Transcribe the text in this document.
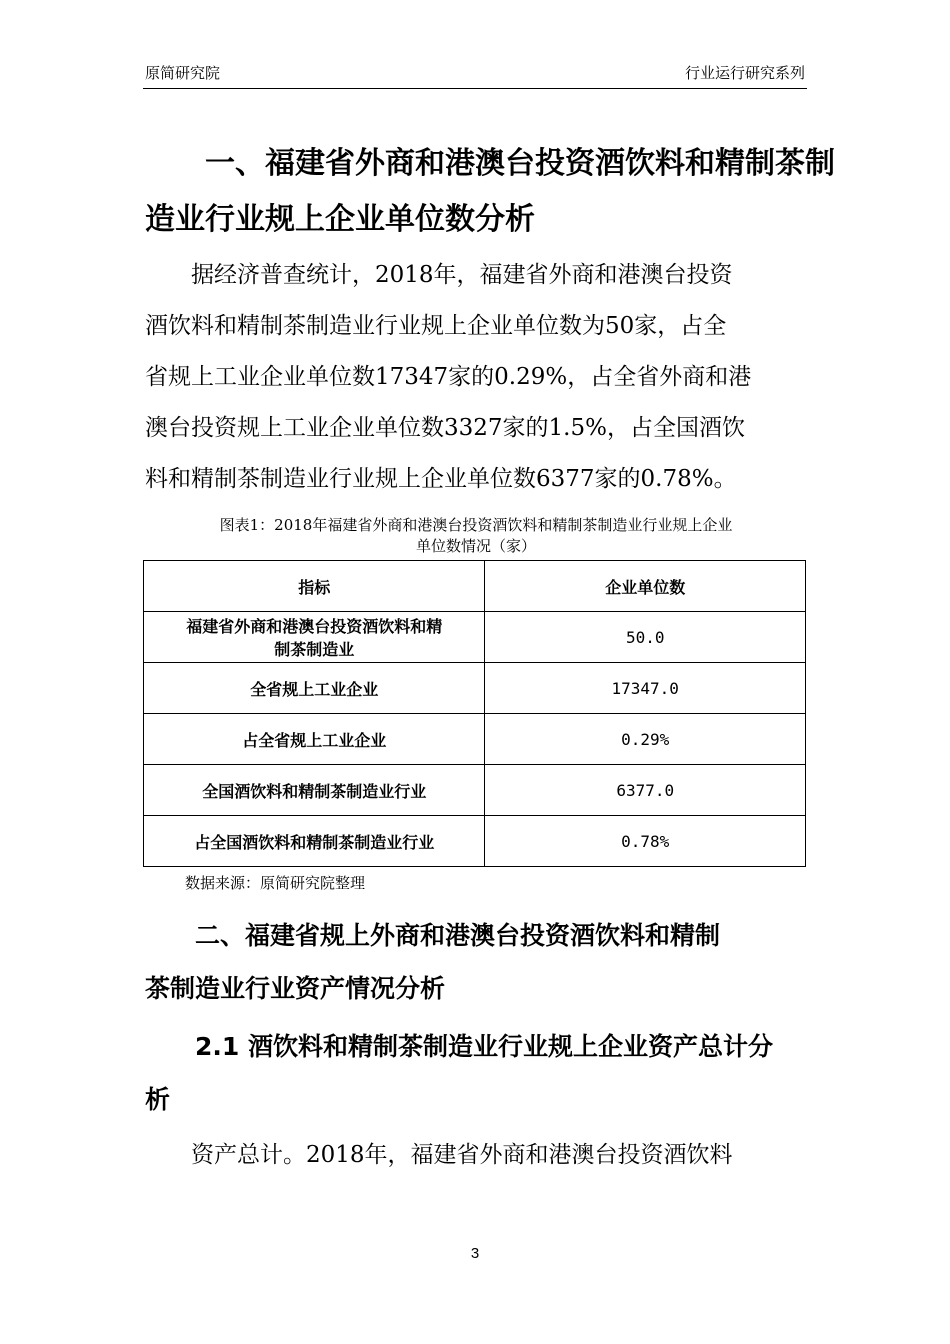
原简研究院	行业运行研究系列
一、福建省外商和港澳台投资酒饮料和精制茶制
造业行业规上企业单位数分析
据经济普查统计，2018年，福建省外商和港澳台投资
酒饮料和精制茶制造业行业规上企业单位数为50家，占全
省规上工业企业单位数17347家的0.29%，占全省外商和港
澳台投资规上工业企业单位数3327家的1.5%，占全国酒饮
料和精制茶制造业行业规上企业单位数6377家的0.78%。
图表1：2018年福建省外商和港澳台投资酒饮料和精制茶制造业行业规上企业
单位数情况（家）
指标	企业单位数

福建省外商和港澳台投资酒饮料和精
制茶制造业	50.0
全省规上工业企业	17347.0
占全省规上工业企业	0.29%
全国酒饮料和精制茶制造业行业	6377.0
占全国酒饮料和精制茶制造业行业	0.78%
数据来源：原简研究院整理
二、福建省规上外商和港澳台投资酒饮料和精制
茶制造业行业资产情况分析
2.1 酒饮料和精制茶制造业行业规上企业资产总计分
析
资产总计。2018年，福建省外商和港澳台投资酒饮料
3
